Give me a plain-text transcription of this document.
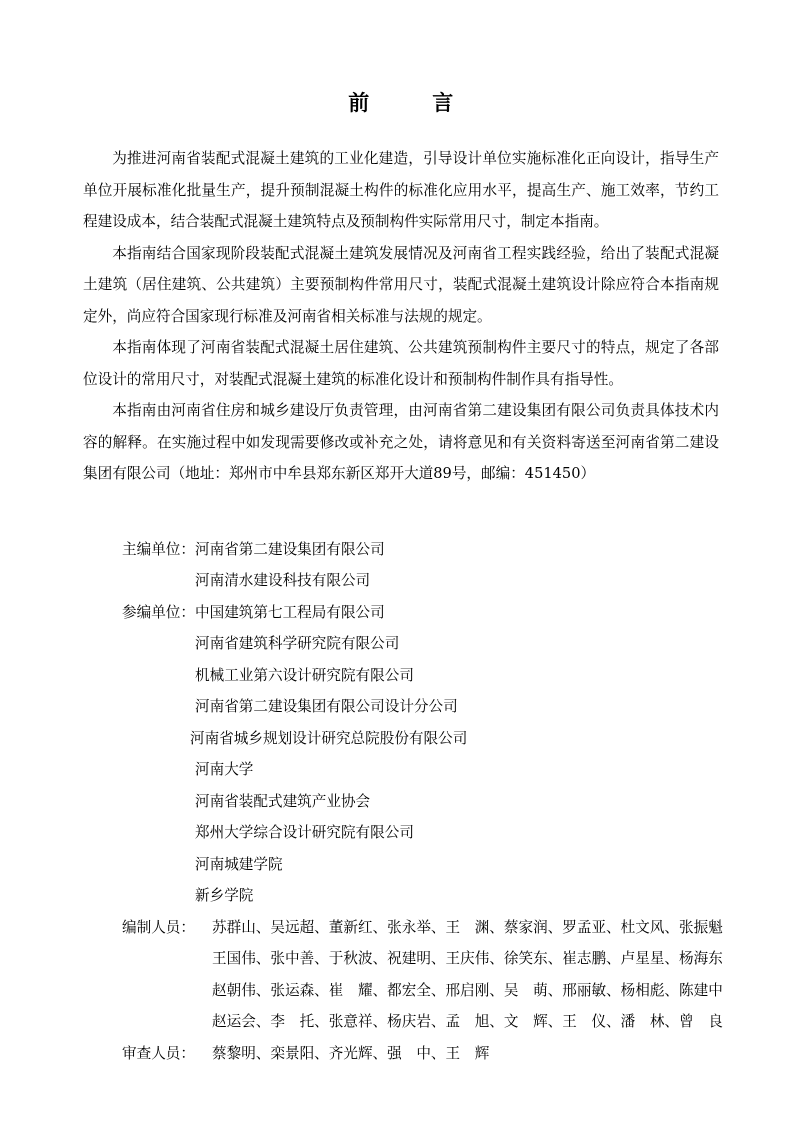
前        言

为推进河南省装配式混凝土建筑的工业化建造，引导设计单位实施标准化正向设计，指导生产单位开展标准化批量生产，提升预制混凝土构件的标准化应用水平，提高生产、施工效率，节约工程建设成本，结合装配式混凝土建筑特点及预制构件实际常用尺寸，制定本指南。

本指南结合国家现阶段装配式混凝土建筑发展情况及河南省工程实践经验，给出了装配式混凝土建筑（居住建筑、公共建筑）主要预制构件常用尺寸，装配式混凝土建筑设计除应符合本指南规定外，尚应符合国家现行标准及河南省相关标准与法规的规定。

本指南体现了河南省装配式混凝土居住建筑、公共建筑预制构件主要尺寸的特点，规定了各部位设计的常用尺寸，对装配式混凝土建筑的标准化设计和预制构件制作具有指导性。

本指南由河南省住房和城乡建设厅负责管理，由河南省第二建设集团有限公司负责具体技术内容的解释。在实施过程中如发现需要修改或补充之处，请将意见和有关资料寄送至河南省第二建设集团有限公司（地址：郑州市中牟县郑东新区郑开大道89号，邮编：451450）

主编单位： 河南省第二建设集团有限公司
河南清水建设科技有限公司
参编单位： 中国建筑第七工程局有限公司
河南省建筑科学研究院有限公司
机械工业第六设计研究院有限公司
河南省第二建设集团有限公司设计分公司
河南省城乡规划设计研究总院股份有限公司
河南大学
河南省装配式建筑产业协会
郑州大学综合设计研究院有限公司
河南城建学院
新乡学院
编制人员：	苏群山、吴远超、董新红、张永举、王　渊、蔡家润、罗孟亚、杜文风、张振魁
王国伟、张中善、于秋波、祝建明、王庆伟、徐笑东、崔志鹏、卢星星、杨海东
赵朝伟、张运森、崔　耀、都宏全、邢启刚、吴　萌、邢丽敏、杨相彪、陈建中
赵运会、李　托、张意祥、杨庆岩、孟　旭、文　辉、王　仪、潘　林、曾　良
审查人员：	蔡黎明、栾景阳、齐光辉、强　中、王　辉
